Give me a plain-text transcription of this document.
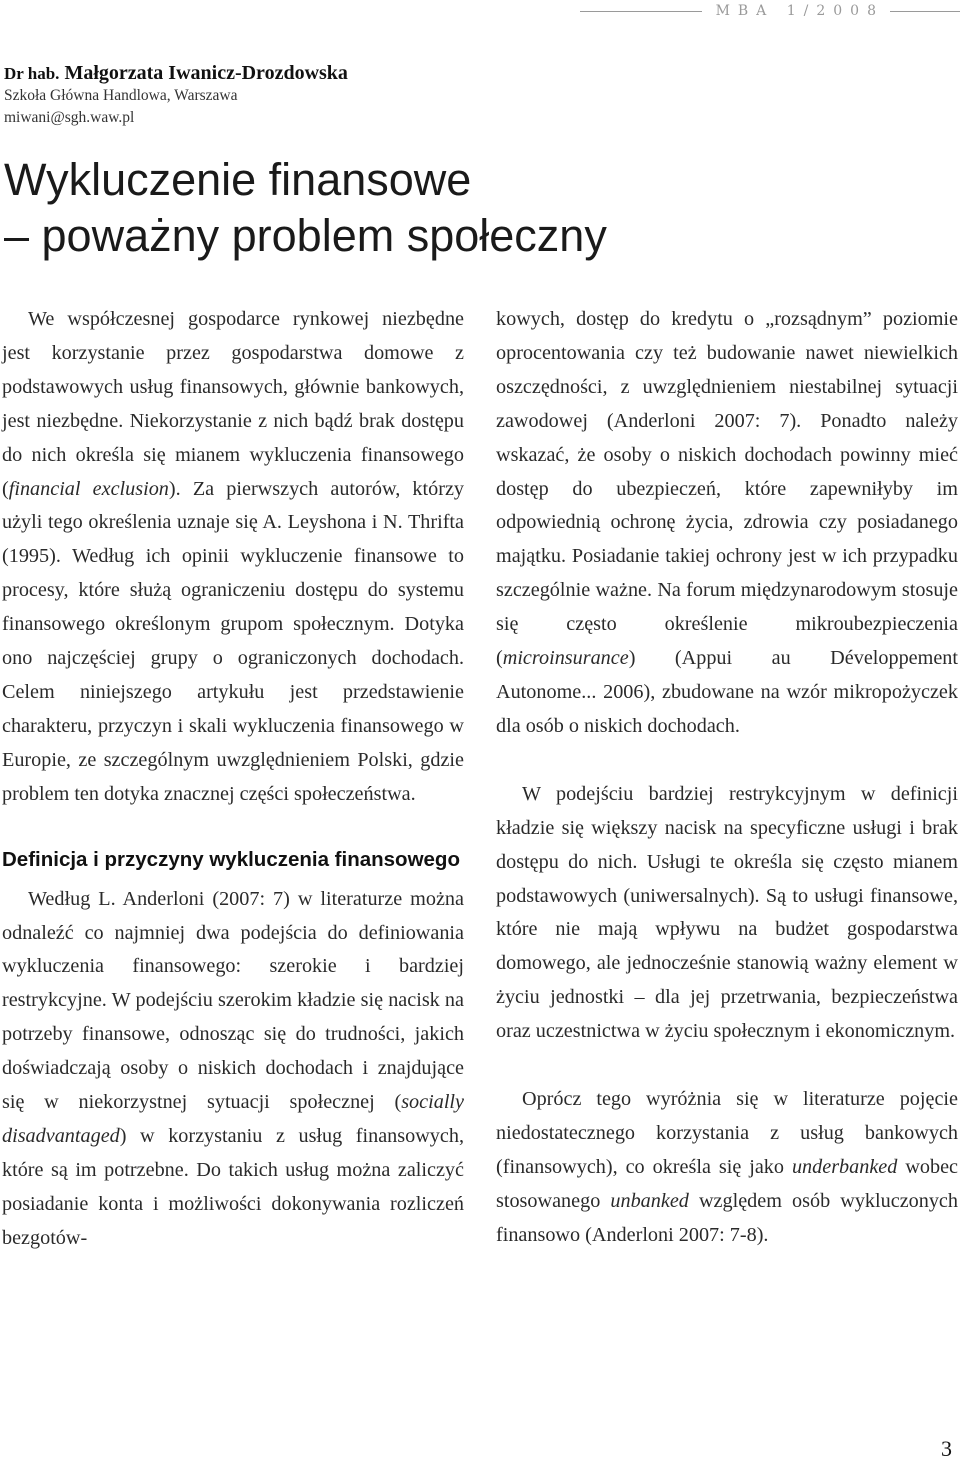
MBA 1/2008
Dr hab. Małgorzata Iwanicz-Drozdowska
Szkoła Główna Handlowa, Warszawa
miwani@sgh.waw.pl
Wykluczenie finansowe
– poważny problem społeczny

We współczesnej gospodarce rynkowej niezbędne jest korzystanie przez gospodarstwa domowe z podstawowych usług finansowych, głównie bankowych, jest niezbędne. Niekorzystanie z nich bądź brak dostępu do nich określa się mianem wykluczenia finansowego (financial exclusion). Za pierwszych autorów, którzy użyli tego określenia uznaje się A. Leyshona i N. Thrifta (1995). Według ich opinii wykluczenie finansowe to procesy, które służą ograniczeniu dostępu do systemu finansowego określonym grupom społecznym. Dotyka ono najczęściej grupy o ograniczonych dochodach. Celem niniejszego artykułu jest przedstawienie charakteru, przyczyn i skali wykluczenia finansowego w Europie, ze szczególnym uwzględnieniem Polski, gdzie problem ten dotyka znacznej części społeczeństwa.

Definicja i przyczyny wykluczenia finansowego

Według L. Anderloni (2007: 7) w literaturze można odnaleźć co najmniej dwa podejścia do definiowania wykluczenia finansowego: szerokie i bardziej restrykcyjne. W podejściu szerokim kładzie się nacisk na potrzeby finansowe, odnosząc się do trudności, jakich doświadczają osoby o niskich dochodach i znajdujące się w niekorzystnej sytuacji społecznej (socially disadvantaged) w korzystaniu z usług finansowych, które są im potrzebne. Do takich usług można zaliczyć posiadanie konta i możliwości dokonywania rozliczeń bezgotów-

kowych, dostęp do kredytu o „rozsądnym” poziomie oprocentowania czy też budowanie nawet niewielkich oszczędności, z uwzględnieniem niestabilnej sytuacji zawodowej (Anderloni 2007: 7). Ponadto należy wskazać, że osoby o niskich dochodach powinny mieć dostęp do ubezpieczeń, które zapewniłyby im odpowiednią ochronę życia, zdrowia czy posiadanego majątku. Posiadanie takiej ochrony jest w ich przypadku szczególnie ważne. Na forum międzynarodowym stosuje się często określenie mikroubezpieczenia (microinsurance) (Appui au Développement Autonome... 2006), zbudowane na wzór mikropożyczek dla osób o niskich dochodach.

W podejściu bardziej restrykcyjnym w definicji kładzie się większy nacisk na specyficzne usługi i brak dostępu do nich. Usługi te określa się często mianem podstawowych (uniwersalnych). Są to usługi finansowe, które nie mają wpływu na budżet gospodarstwa domowego, ale jednocześnie stanowią ważny element w życiu jednostki – dla jej przetrwania, bezpieczeństwa oraz uczestnictwa w życiu społecznym i ekonomicznym.

Oprócz tego wyróżnia się w literaturze pojęcie niedostatecznego korzystania z usług bankowych (finansowych), co określa się jako underbanked wobec stosowanego unbanked względem osób wykluczonych finansowo (Anderloni 2007: 7-8).

3
